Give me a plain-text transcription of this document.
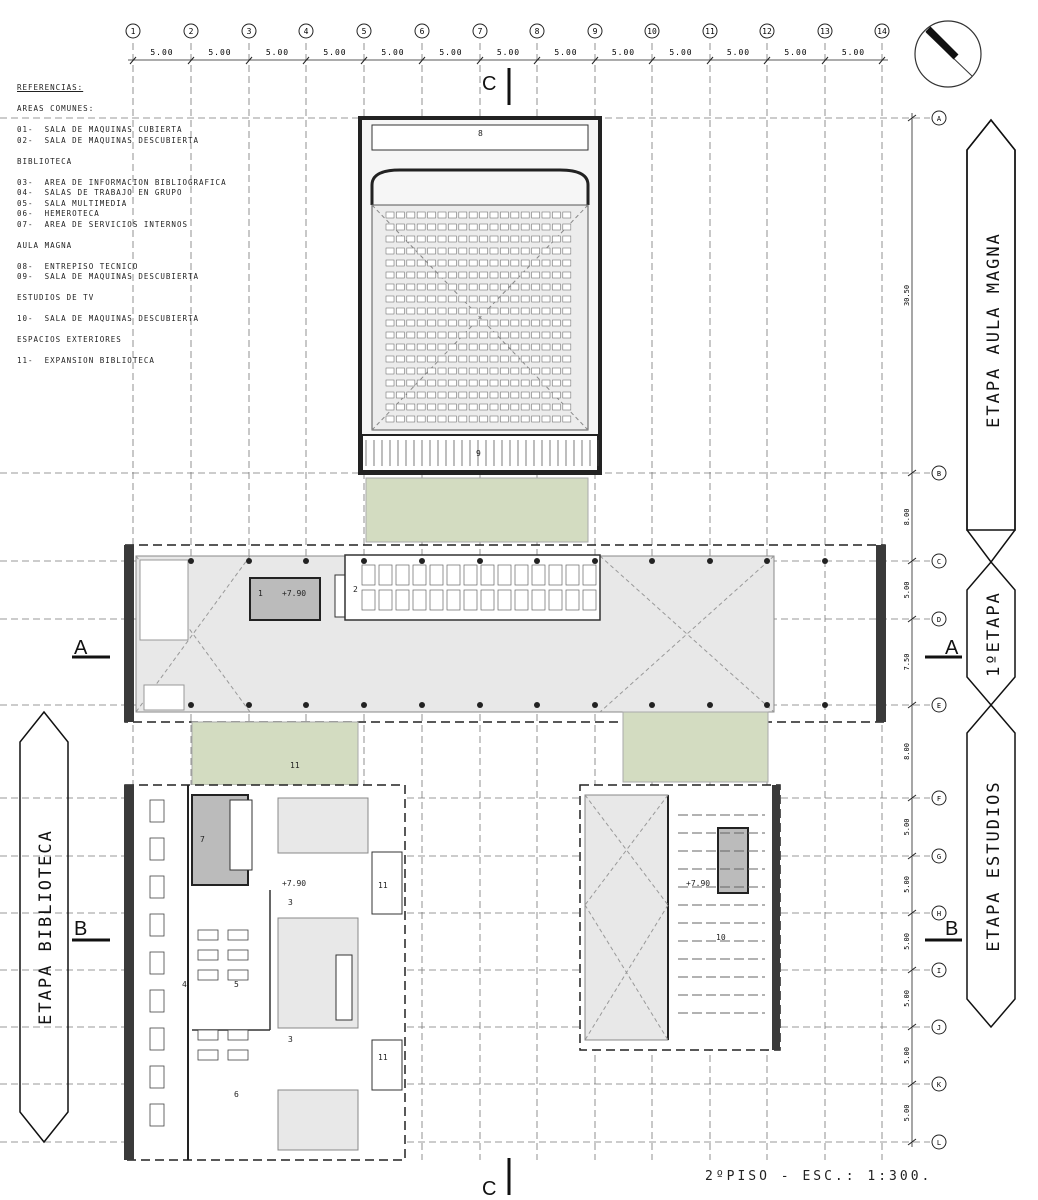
1	2	3	4	5	6	7	8	9	10	11	12	13	14
5.00	5.00	5.00	5.00	5.00	5.00	5.00	5.00	5.00	5.00	5.00	5.00	5.00
A
B
C
D
E
F
G
H
I
J
K
L
30.50
8.00
5.00
7.50
8.00
5.00
5.00
5.00
5.00
5.00
5.00
1	2
3
3
4	5
6
7
8
9
10
11
11
11
+7.90
+7.90	+7.90
A	A
B	B
C
C
ETAPA AULA MAGNA
1ºETAPA
ETAPA ESTUDIOS
ETAPA BIBLIOTECA
2ºPISO - ESC.: 1:300.
REFERENCIAS:
AREAS COMUNES:
01-  SALA DE MAQUINAS CUBIERTA
02-  SALA DE MAQUINAS DESCUBIERTA
BIBLIOTECA
03-  AREA DE INFORMACION BIBLIOGRAFICA
04-  SALAS DE TRABAJO EN GRUPO
05-  SALA MULTIMEDIA
06-  HEMEROTECA
07-  AREA DE SERVICIOS INTERNOS
AULA MAGNA
08-  ENTREPISO TECNICO
09-  SALA DE MAQUINAS DESCUBIERTA
ESTUDIOS DE TV
10-  SALA DE MAQUINAS DESCUBIERTA
ESPACIOS EXTERIORES
11-  EXPANSION BIBLIOTECA
